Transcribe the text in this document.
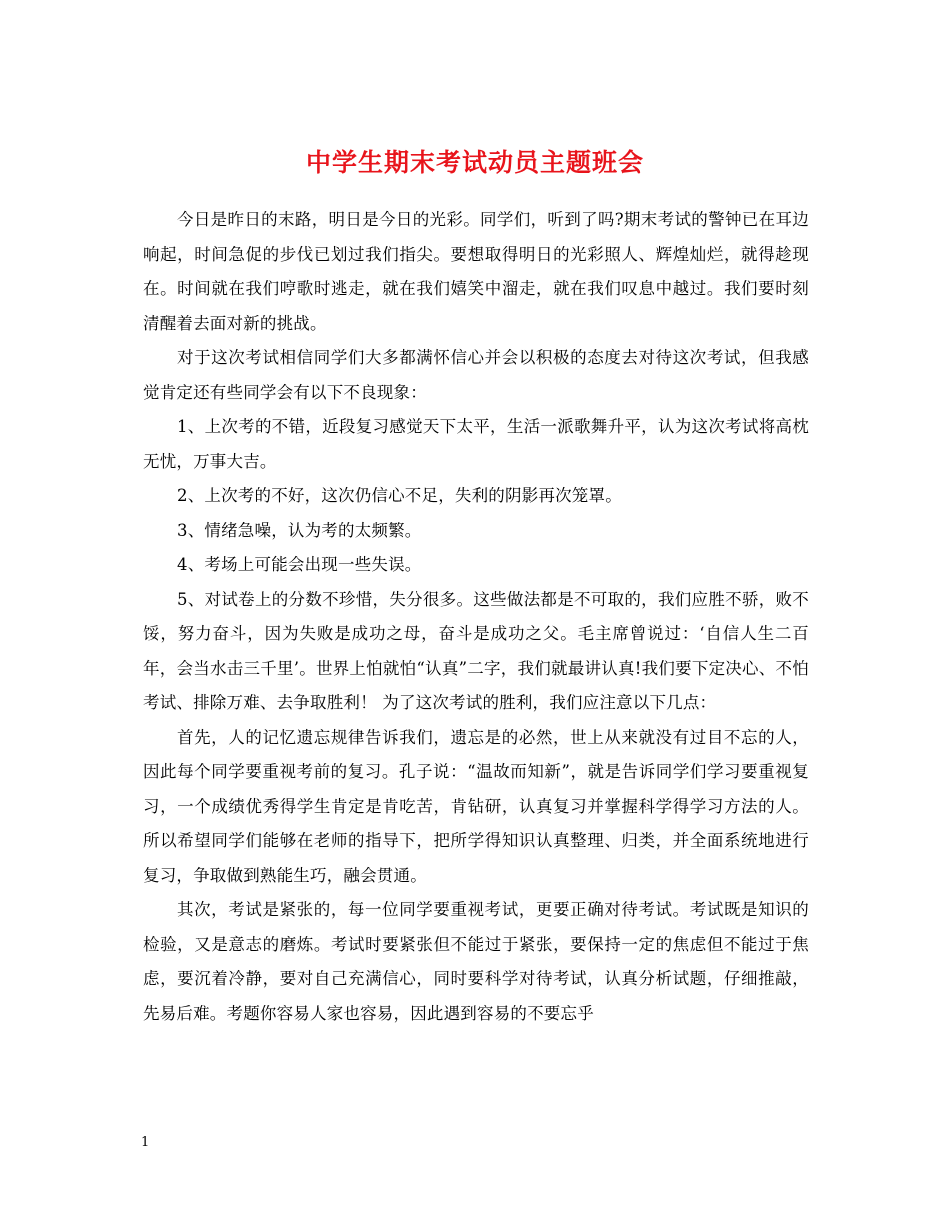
中学生期末考试动员主题班会

今日是昨日的末路，明日是今日的光彩。同学们，听到了吗?期末考试的警钟已在耳边响起，时间急促的步伐已划过我们指尖。要想取得明日的光彩照人、辉煌灿烂，就得趁现在。时间就在我们哼歌时逃走，就在我们嬉笑中溜走，就在我们叹息中越过。我们要时刻清醒着去面对新的挑战。

对于这次考试相信同学们大多都满怀信心并会以积极的态度去对待这次考试，但我感觉肯定还有些同学会有以下不良现象：

1、上次考的不错，近段复习感觉天下太平，生活一派歌舞升平，认为这次考试将高枕无忧，万事大吉。

2、上次考的不好，这次仍信心不足，失利的阴影再次笼罩。

3、情绪急噪，认为考的太频繁。

4、考场上可能会出现一些失误。

5、对试卷上的分数不珍惜，失分很多。这些做法都是不可取的，我们应胜不骄，败不馁，努力奋斗，因为失败是成功之母，奋斗是成功之父。毛主席曾说过：‘自信人生二百年，会当水击三千里’。世界上怕就怕“认真”二字，我们就最讲认真!我们要下定决心、不怕考试、排除万难、去争取胜利！ 为了这次考试的胜利，我们应注意以下几点：

首先，人的记忆遗忘规律告诉我们，遗忘是的必然，世上从来就没有过目不忘的人，因此每个同学要重视考前的复习。孔子说：“温故而知新”，就是告诉同学们学习要重视复习，一个成绩优秀得学生肯定是肯吃苦，肯钻研，认真复习并掌握科学得学习方法的人。所以希望同学们能够在老师的指导下，把所学得知识认真整理、归类，并全面系统地进行复习，争取做到熟能生巧，融会贯通。

其次，考试是紧张的，每一位同学要重视考试，更要正确对待考试。考试既是知识的检验，又是意志的磨炼。考试时要紧张但不能过于紧张，要保持一定的焦虑但不能过于焦虑，要沉着冷静，要对自己充满信心，同时要科学对待考试，认真分析试题，仔细推敲，先易后难。考题你容易人家也容易，因此遇到容易的不要忘乎

1
